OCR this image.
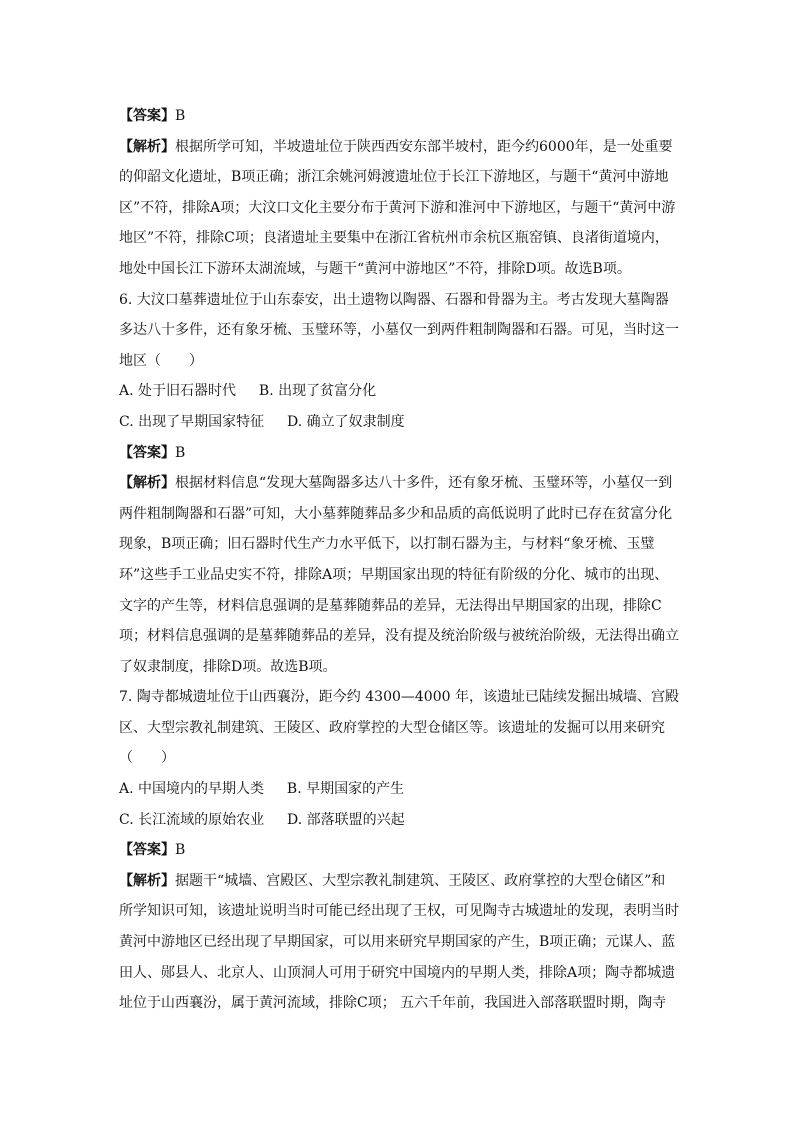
【答案】B

【解析】根据所学可知，半坡遗址位于陕西西安东部半坡村，距今约6000年，是一处重要的仰韶文化遗址，B项正确；浙江余姚河姆渡遗址位于长江下游地区，与题干“黄河中游地区”不符，排除A项；大汶口文化主要分布于黄河下游和淮河中下游地区，与题干“黄河中游地区”不符，排除C项；良渚遗址主要集中在浙江省杭州市余杭区瓶窑镇、良渚街道境内，地处中国长江下游环太湖流域，与题干“黄河中游地区”不符，排除D项。故选B项。

6. 大汶口墓葬遗址位于山东泰安，出土遗物以陶器、石器和骨器为主。考古发现大墓陶器多达八十多件，还有象牙梳、玉璧环等，小墓仅一到两件粗制陶器和石器。可见，当时这一地区（　　）

A. 处于旧石器时代　  B. 出现了贫富分化

C. 出现了早期国家特征　  D. 确立了奴隶制度

【答案】B

【解析】根据材料信息“发现大墓陶器多达八十多件，还有象牙梳、玉璧环等，小墓仅一到两件粗制陶器和石器”可知，大小墓葬随葬品多少和品质的高低说明了此时已存在贫富分化现象，B项正确；旧石器时代生产力水平低下，以打制石器为主，与材料“象牙梳、玉璧环”这些手工业品史实不符，排除A项；早期国家出现的特征有阶级的分化、城市的出现、文字的产生等，材料信息强调的是墓葬随葬品的差异，无法得出早期国家的出现，排除C项；材料信息强调的是墓葬随葬品的差异，没有提及统治阶级与被统治阶级，无法得出确立了奴隶制度，排除D项。故选B项。

7. 陶寺都城遗址位于山西襄汾，距今约 4300—4000 年，该遗址已陆续发掘出城墙、宫殿区、大型宗教礼制建筑、王陵区、政府掌控的大型仓储区等。该遗址的发掘可以用来研究（　　）

A. 中国境内的早期人类　  B. 早期国家的产生

C. 长江流域的原始农业　  D. 部落联盟的兴起

【答案】B

【解析】据题干“城墙、宫殿区、大型宗教礼制建筑、王陵区、政府掌控的大型仓储区”和所学知识可知，该遗址说明当时可能已经出现了王权，可见陶寺古城遗址的发现，表明当时黄河中游地区已经出现了早期国家，可以用来研究早期国家的产生，B项正确；元谋人、蓝田人、郧县人、北京人、山顶洞人可用于研究中国境内的早期人类，排除A项；陶寺都城遗址位于山西襄汾，属于黄河流域，排除C项； 五六千年前，我国进入部落联盟时期，陶寺
